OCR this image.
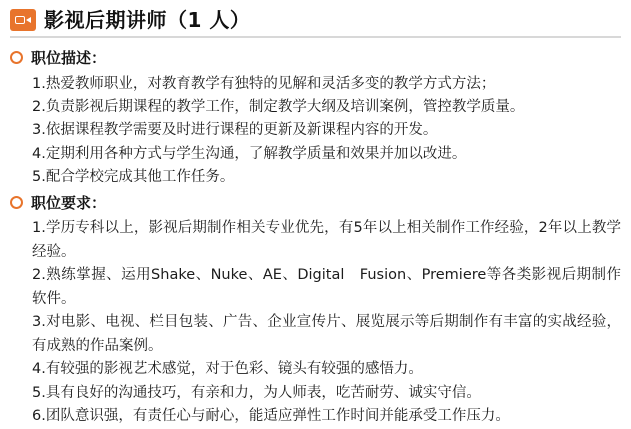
影视后期讲师（1 人）
职位描述：
1.热爱教师职业，对教育教学有独特的见解和灵活多变的教学方式方法；
2.负责影视后期课程的教学工作，制定教学大纲及培训案例，管控教学质量。
3.依据课程教学需要及时进行课程的更新及新课程内容的开发。
4.定期利用各种方式与学生沟通，了解教学质量和效果并加以改进。
5.配合学校完成其他工作任务。
职位要求：
1.学历专科以上，影视后期制作相关专业优先，有5年以上相关制作工作经验，2年以上教学经验。
2.熟练掌握、运用Shake、Nuke、AE、Digital　Fusion、Premiere等各类影视后期制作软件。
3.对电影、电视、栏目包装、广告、企业宣传片、展览展示等后期制作有丰富的实战经验，有成熟的作品案例。
4.有较强的影视艺术感觉，对于色彩、镜头有较强的感悟力。
5.具有良好的沟通技巧，有亲和力，为人师表，吃苦耐劳、诚实守信。
6.团队意识强，有责任心与耐心，能适应弹性工作时间并能承受工作压力。
